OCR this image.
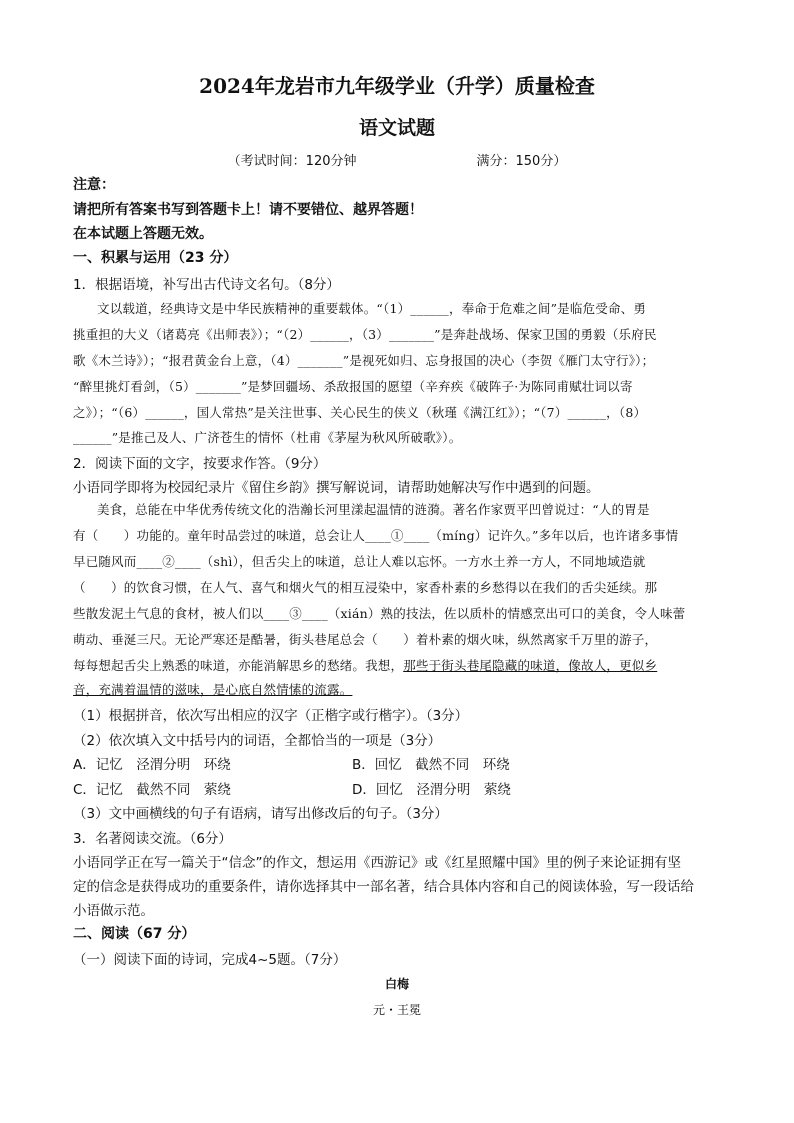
2024年龙岩市九年级学业（升学）质量检查
语文试题
（考试时间：120分钟	满分：150分）
注意：
请把所有答案书写到答题卡上！请不要错位、越界答题！
在本试题上答题无效。
一、积累与运用（23 分）
1．根据语境，补写出古代诗文名句。（8分）
文以载道，经典诗文是中华民族精神的重要载体。“（1）______，奉命于危难之间”是临危受命、勇
挑重担的大义（诸葛亮《出师表》）；“（2）______，（3）_______”是奔赴战场、保家卫国的勇毅（乐府民
歌《木兰诗》）；“报君黄金台上意，（4）_______”是视死如归、忘身报国的决心（李贺《雁门太守行》）；
“醉里挑灯看剑，（5）_______”是梦回疆场、杀敌报国的愿望（辛弃疾《破阵子·为陈同甫赋壮词以寄
之》）；“（6）______，国人常热”是关注世事、关心民生的侠义（秋瑾《满江红》）；“（7）______，（8）
______”是推己及人、广济苍生的情怀（杜甫《茅屋为秋风所破歌》）。
2．阅读下面的文字，按要求作答。（9分）
小语同学即将为校园纪录片《留住乡韵》撰写解说词，请帮助她解决写作中遇到的问题。
美食，总能在中华优秀传统文化的浩瀚长河里漾起温情的涟漪。著名作家贾平凹曾说过：“人的胃是
有（　　）功能的。童年时品尝过的味道，总会让人____①____（míng）记许久。”多年以后，也许诸多事情
早已随风而____②____（shì），但舌尖上的味道，总让人难以忘怀。一方水土养一方人，不同地域造就
（　　）的饮食习惯，在人气、喜气和烟火气的相互浸染中，家香朴素的乡愁得以在我们的舌尖延续。那
些散发泥土气息的食材，被人们以____③____（xián）熟的技法，佐以质朴的情感烹出可口的美食，令人味蕾
萌动、垂涎三尺。无论严寒还是酷暑，街头巷尾总会（　　）着朴素的烟火味，纵然离家千万里的游子，
每每想起舌尖上熟悉的味道，亦能消解思乡的愁绪。我想，那些于街头巷尾隐藏的味道，像故人，更似乡
音，充满着温情的滋味，是心底自然情愫的流露。
（1）根据拼音，依次写出相应的汉字（正楷字或行楷字）。（3分）
（2）依次填入文中括号内的词语，全都恰当的一项是（3分）
A．记忆　泾渭分明　环绕	B．回忆　截然不同　环绕
C．记忆　截然不同　萦绕	D．回忆　泾渭分明　萦绕
（3）文中画横线的句子有语病，请写出修改后的句子。（3分）
3．名著阅读交流。（6分）
小语同学正在写一篇关于“信念”的作文，想运用《西游记》或《红星照耀中国》里的例子来论证拥有坚
定的信念是获得成功的重要条件，请你选择其中一部名著，结合具体内容和自己的阅读体验，写一段话给
小语做示范。
二、阅读（67 分）
（一）阅读下面的诗词，完成4~5题。（7分）
白梅
元・王冕
